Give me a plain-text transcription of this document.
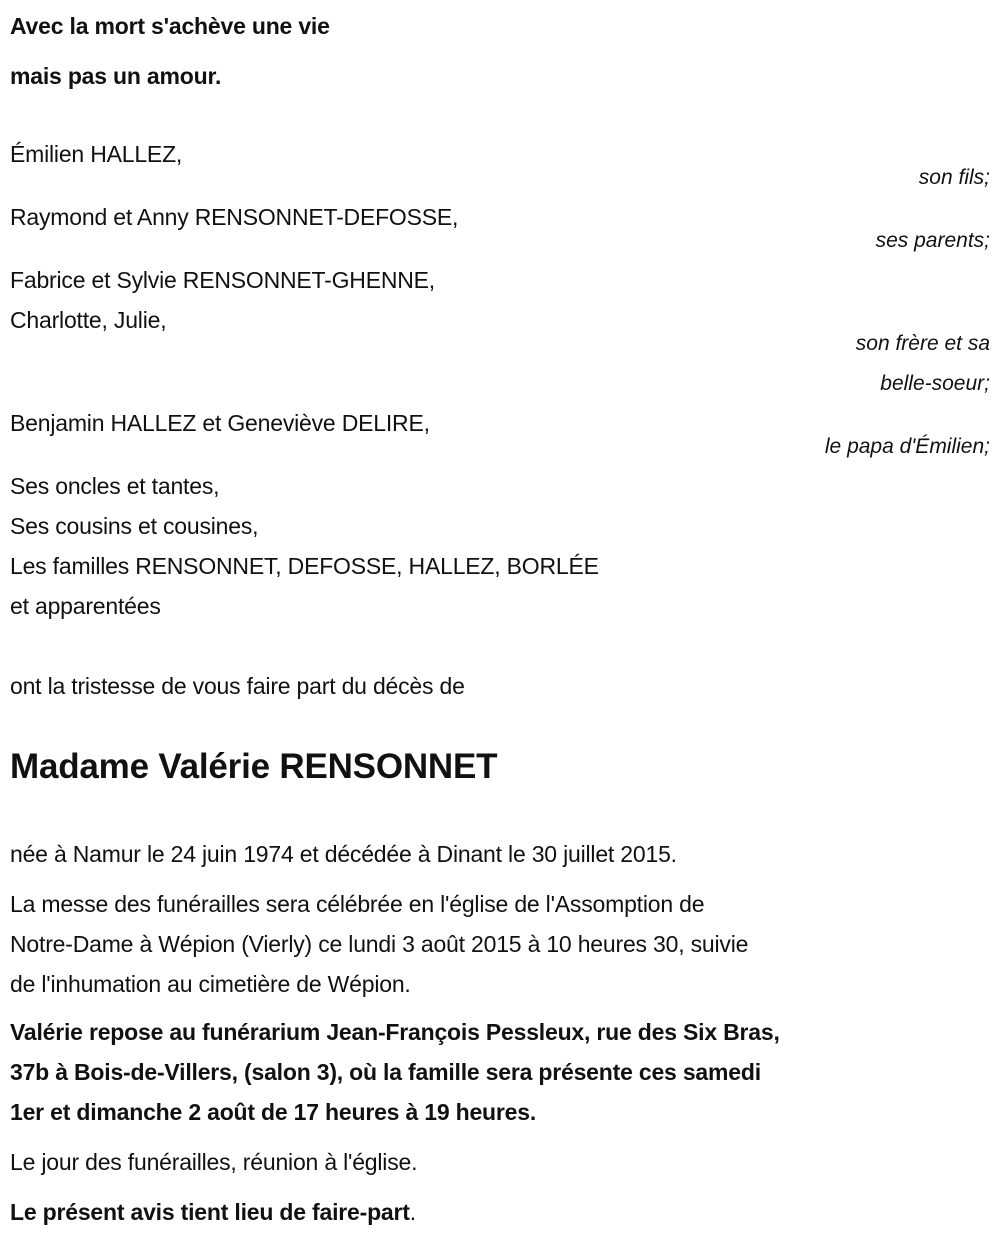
Avec la mort s'achève une vie
mais pas un amour.
Émilien HALLEZ,
son fils;
Raymond et Anny RENSONNET-DEFOSSE,
ses parents;
Fabrice et Sylvie RENSONNET-GHENNE,
Charlotte, Julie,
son frère et sa
belle-soeur;
Benjamin HALLEZ et Geneviève DELIRE,
le papa d'Émilien;
Ses oncles et tantes,
Ses cousins et cousines,
Les familles RENSONNET, DEFOSSE, HALLEZ, BORLÉE
et apparentées
ont la tristesse de vous faire part du décès de
Madame Valérie RENSONNET
née à Namur le 24 juin 1974 et décédée à Dinant le 30 juillet 2015.
La messe des funérailles sera célébrée en l'église de l'Assomption de
Notre-Dame à Wépion (Vierly) ce lundi 3 août 2015 à 10 heures 30, suivie
de l'inhumation au cimetière de Wépion.
Valérie repose au funérarium Jean-François Pessleux, rue des Six Bras,
37b à Bois-de-Villers, (salon 3), où la famille sera présente ces samedi
1er et dimanche 2 août de 17 heures à 19 heures.
Le jour des funérailles, réunion à l'église.
Le présent avis tient lieu de faire-part.
